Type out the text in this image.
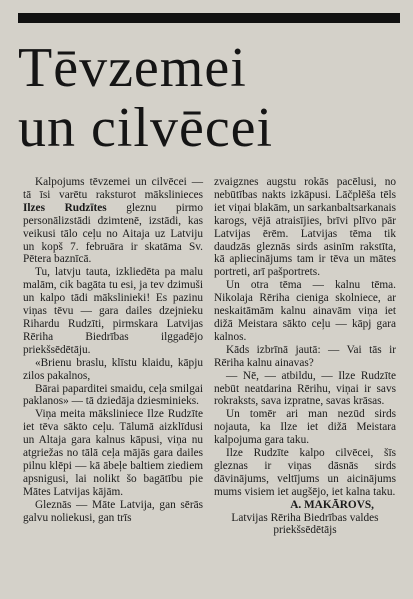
Tēvzemei
un cilvēcei

Kalpojums tēvzemei un cilvēcei — tā īsi varētu raksturot mākslinieces Ilzes Rudzītes gleznu pirmo personālizstādi dzimtenē, izstādi, kas veikusi tālo ceļu no Aitaja uz Latviju un kopš 7. februāra ir skatāma Sv. Pētera baznīcā.

Tu, latvju tauta, izkliedēta pa malu malām, cik bagāta tu esi, ja tev dzimuši un kalpo tādi mākslinieki! Es pazinu viņas tēvu — gara dailes dzejnieku Rihardu Rudzīti, pirmskara Latvijas Rēriha Biedrības ilggadējo priekšsēdētāju.

«Brienu braslu, klīstu klaidu, kāpju zilos pakalnos,

Bārai paparditei smaidu, ceļa smilgai paklanos» — tā dziedāja dziesminieks.

Viņa meita māksliniece Ilze Rudzīte iet tēva sākto ceļu. Tālumā aizklīdusi un Altaja gara kalnus kāpusi, viņa nu atgriežas no tālā ceļa mājās gara dailes pilnu klēpi — kā ābeļe baltiem ziediem apsnigusi, lai nolikt šo bagātību pie Mātes Latvijas kājām.

Gleznās — Māte Latvija, gan sērās galvu noliekusi, gan trīs

zvaigznes augstu rokās pacēlusi, no nebūtības nakts izkāpusi. Lāčplēša tēls iet viņai blakām, un sarkanbaltsarkanais karogs, vējā atraisījies, brīvi plīvo pār Latvijas ērēm. Latvijas tēma tik daudzās gleznās sirds asinīm rakstīta, kā apliecinājums tam ir tēva un mātes portreti, arī pašportrets.

Un otra tēma — kalnu tēma. Nikolaja Rēriha cieniga skolniece, ar neskaitāmām kalnu ainavām viņa iet dižā Meistara sākto ceļu — kāpj gara kalnos.

Kāds izbrīnā jautā: — Vai tās ir Rēriha kalnu ainavas?

— Nē, — atbildu, — Ilze Rudzīte nebūt neatdarina Rērihu, viņai ir savs rokraksts, sava izpratne, savas krāsas.

Un tomēr ari man nezūd sirds nojauta, ka Ilze iet dižā Meistara kalpojuma gara taku.

Ilze Rudzīte kalpo cilvēcei, šīs gleznas ir viņas dāsnās sirds dāvinājums, veltījums un aicinājums mums visiem iet augšējo, iet kalna taku.

A. MAKĀROVS,
Latvijas Rēriha Biedrības valdes priekšsēdētājs
